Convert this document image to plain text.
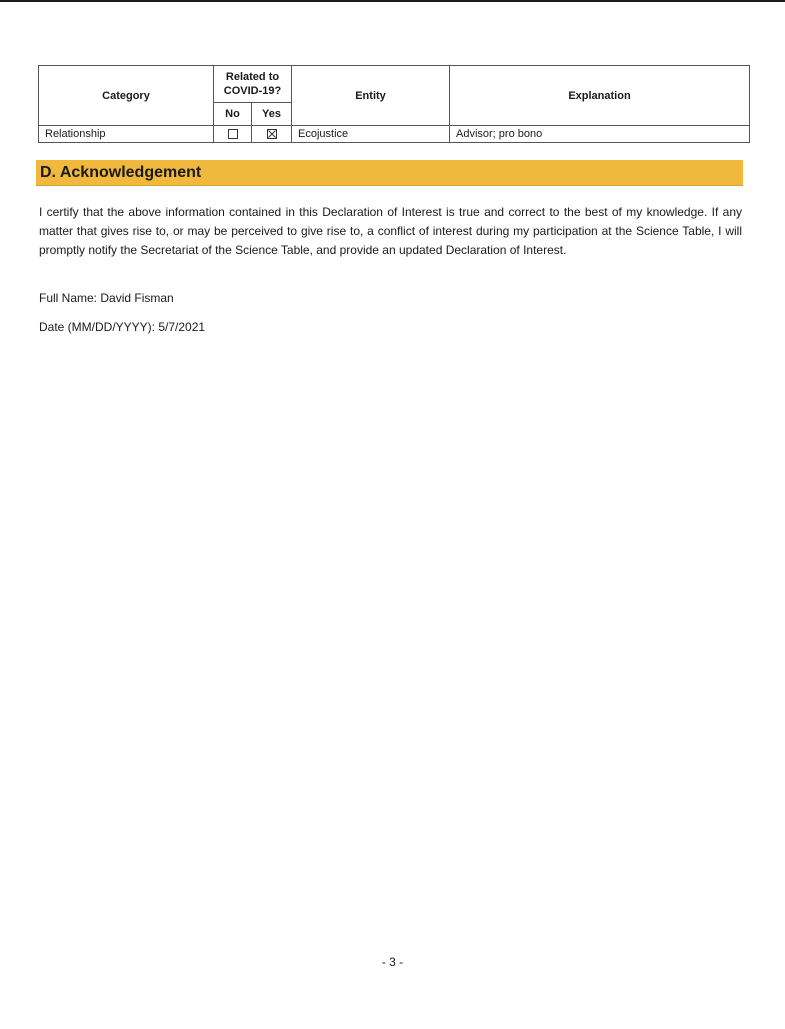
Category	Related to COVID-19?		Entity	Explanation
	No	Yes		
Relationship			Ecojustice	Advisor; pro bono
D. Acknowledgement

I certify that the above information contained in this Declaration of Interest is true and correct to the best of my knowledge. If any matter that gives rise to, or may be perceived to give rise to, a conflict of interest during my participation at the Science Table, I will promptly notify the Secretariat of the Science Table, and provide an updated Declaration of Interest.

Full Name: David Fisman

Date (MM/DD/YYYY): 5/7/2021

- 3 -
